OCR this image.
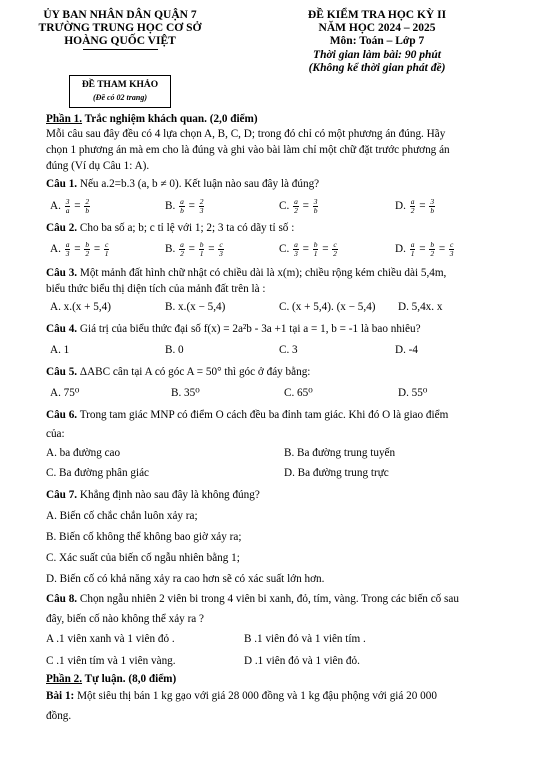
ỦY BAN NHÂN DÂN QUẬN 7
TRƯỜNG TRUNG HỌC CƠ SỞ
HOÀNG QUỐC VIỆT
ĐỀ KIỂM TRA HỌC KỲ II
NĂM HỌC 2024 – 2025
Môn: Toán – Lớp 7
Thời gian làm bài: 90 phút
(Không kể thời gian phát đề)
ĐỀ THAM KHẢO
(Đề có 02 trang)
Phần 1. Trắc nghiệm khách quan. (2,0 điểm)
Mỗi câu sau đây đều có 4 lựa chọn A, B, C, D; trong đó chỉ có một phương án đúng. Hãy
chọn 1 phương án mà em cho là đúng và ghi vào bài làm chỉ một chữ đặt trước phương án
đúng (Ví dụ Câu 1: A).
Câu 1. Nếu a.2=b.3 (a, b ≠ 0). Kết luận nào sau đây là đúng?
A. $\frac{3}{a} = \frac{2}{b}$	B. $\frac{a}{b} = \frac{2}{3}$	C. $\frac{a}{2} = \frac{3}{b}$	D. $\frac{a}{2} = \frac{3}{b}$
Câu 2. Cho ba số a; b; c tỉ lệ với 1; 2; 3 ta có dãy tỉ số :
A. $\frac{a}{3} = \frac{b}{2} = \frac{c}{1}$	B. $\frac{a}{2} = \frac{b}{1} = \frac{c}{3}$	C. $\frac{a}{3} = \frac{b}{1} = \frac{c}{2}$	D. $\frac{a}{1} = \frac{b}{2} = \frac{c}{3}$
Câu 3. Một mảnh đất hình chữ nhật có chiều dài là x(m); chiều rộng kém chiều dài 5,4m,
biểu thức biểu thị diện tích của mảnh đất trên là :
A. x.(x + 5,4)	B. x.(x − 5,4)	C. (x + 5,4). (x − 5,4) D. 5,4x. x
Câu 4. Giá trị của biểu thức đại số f(x) = 2a²b - 3a +1 tại a = 1, b = -1 là bao nhiêu?
A. 1	B. 0	C. 3	D. -4
Câu 5. ΔABC cân tại A có góc A = 50° thì góc ở đáy bằng:
A. 75⁰	B. 35⁰	C. 65⁰	D. 55⁰
Câu 6. Trong tam giác MNP có điểm O cách đều ba đỉnh tam giác. Khi đó O là giao điểm
của:
A. ba đường cao	B. Ba đường trung tuyến
C. Ba đường phân giác	D. Ba đường trung trực
Câu 7. Khẳng định nào sau đây là không đúng?
A. Biến cố chắc chắn luôn xảy ra;
B. Biến cố không thể không bao giờ xảy ra;
C. Xác suất của biến cố ngẫu nhiên bằng 1;
D. Biến cố có khả năng xảy ra cao hơn sẽ có xác suất lớn hơn.
Câu 8. Chọn ngẫu nhiên 2 viên bi trong 4 viên bi xanh, đỏ, tím, vàng. Trong các biến cố sau
đây, biến cố nào không thể xảy ra ?
A .1 viên xanh và 1 viên đỏ .	B .1 viên đỏ và 1 viên tím .
C .1 viên tím và 1 viên vàng.	D .1 viên đỏ và 1 viên đỏ.
Phần 2. Tự luận. (8,0 điểm)
Bài 1: Một siêu thị bán 1 kg gạo với giá 28 000 đồng và 1 kg đậu phộng với giá 20 000
đồng.
